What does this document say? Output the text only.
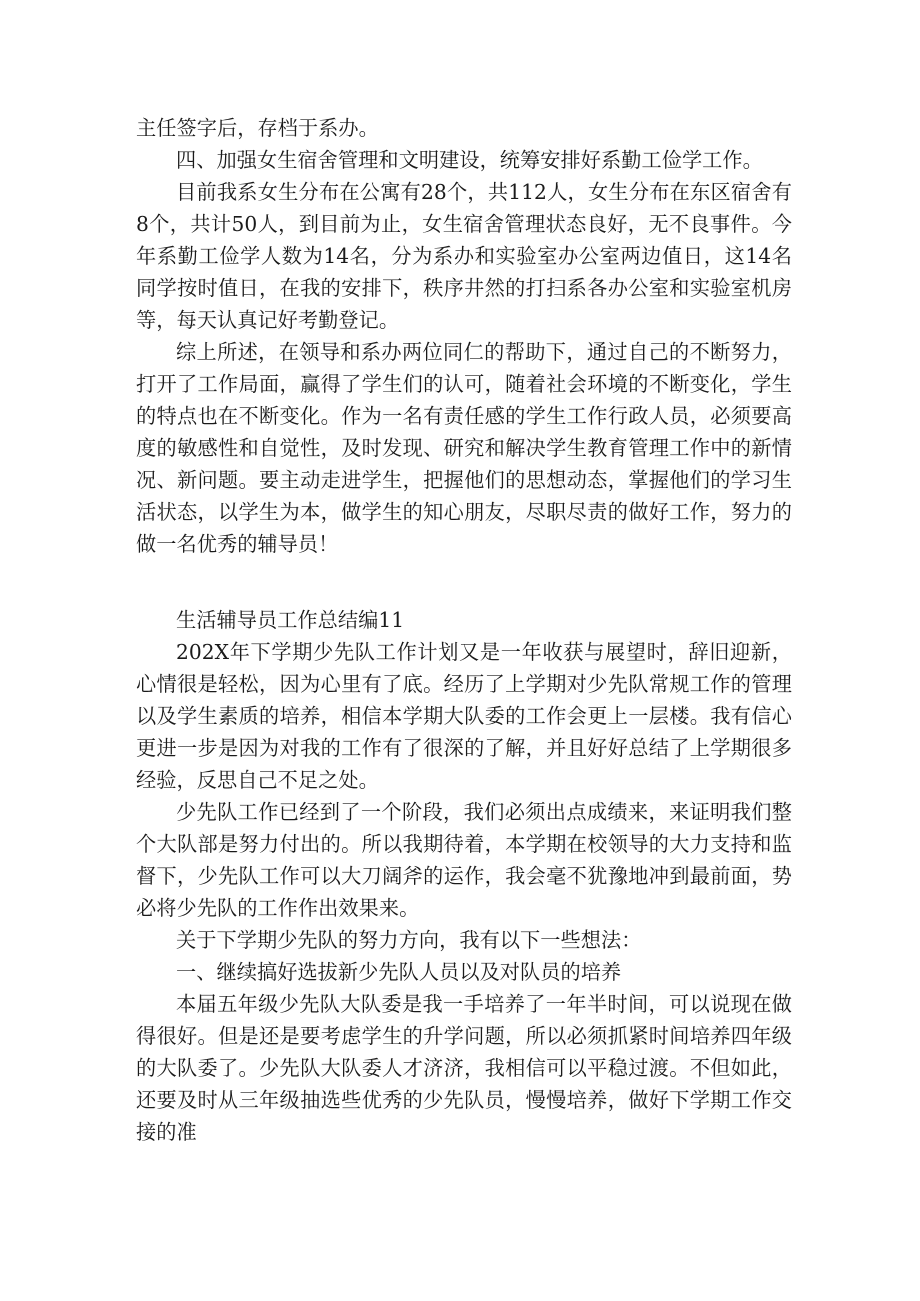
主任签字后，存档于系办。

四、加强女生宿舍管理和文明建设，统筹安排好系勤工俭学工作。

目前我系女生分布在公寓有28个，共112人，女生分布在东区宿舍有8个，共计50人，到目前为止，女生宿舍管理状态良好，无不良事件。今年系勤工俭学人数为14名，分为系办和实验室办公室两边值日，这14名同学按时值日，在我的安排下，秩序井然的打扫系各办公室和实验室机房等，每天认真记好考勤登记。

综上所述，在领导和系办两位同仁的帮助下，通过自己的不断努力，打开了工作局面，赢得了学生们的认可，随着社会环境的不断变化，学生的特点也在不断变化。作为一名有责任感的学生工作行政人员，必须要高度的敏感性和自觉性，及时发现、研究和解决学生教育管理工作中的新情况、新问题。要主动走进学生，把握他们的思想动态，掌握他们的学习生活状态，以学生为本，做学生的知心朋友，尽职尽责的做好工作，努力的做一名优秀的辅导员！

生活辅导员工作总结编11

202X年下学期少先队工作计划又是一年收获与展望时，辞旧迎新，心情很是轻松，因为心里有了底。经历了上学期对少先队常规工作的管理以及学生素质的培养，相信本学期大队委的工作会更上一层楼。我有信心更进一步是因为对我的工作有了很深的了解，并且好好总结了上学期很多经验，反思自己不足之处。

少先队工作已经到了一个阶段，我们必须出点成绩来，来证明我们整个大队部是努力付出的。所以我期待着，本学期在校领导的大力支持和监督下，少先队工作可以大刀阔斧的运作，我会毫不犹豫地冲到最前面，势必将少先队的工作作出效果来。

关于下学期少先队的努力方向，我有以下一些想法：

一、继续搞好选拔新少先队人员以及对队员的培养

本届五年级少先队大队委是我一手培养了一年半时间，可以说现在做得很好。但是还是要考虑学生的升学问题，所以必须抓紧时间培养四年级的大队委了。少先队大队委人才济济，我相信可以平稳过渡。不但如此，还要及时从三年级抽选些优秀的少先队员，慢慢培养，做好下学期工作交接的准
